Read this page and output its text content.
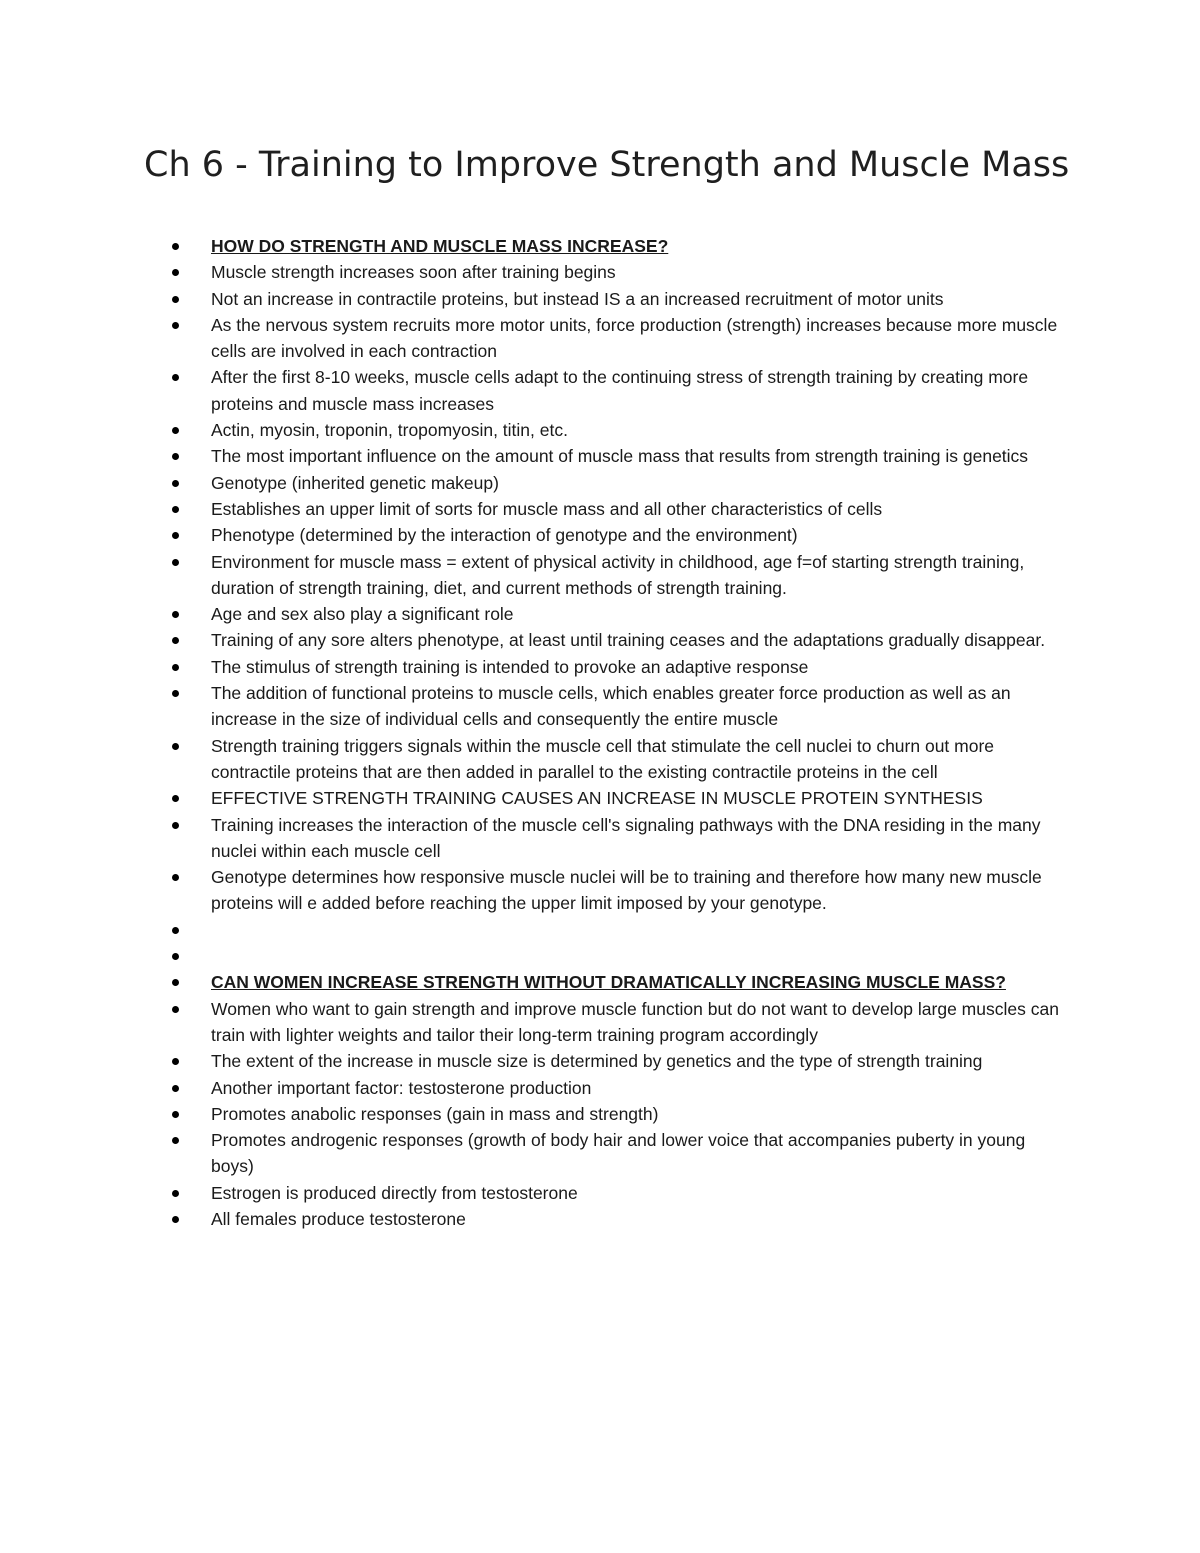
Ch 6 - Training to Improve Strength and Muscle Mass
HOW DO STRENGTH AND MUSCLE MASS INCREASE?
Muscle strength increases soon after training begins
Not an increase in contractile proteins, but instead IS a an increased recruitment of motor units
As the nervous system recruits more motor units, force production (strength) increases because more muscle cells are involved in each contraction
After the first 8-10 weeks, muscle cells adapt to the continuing stress of strength training by creating more proteins and muscle mass increases
Actin, myosin, troponin, tropomyosin, titin, etc.
The most important influence on the amount of muscle mass that results from strength training is genetics
Genotype (inherited genetic makeup)
Establishes an upper limit of sorts for muscle mass and all other characteristics of cells
Phenotype (determined by the interaction of genotype and the environment)
Environment for muscle mass = extent of physical activity in childhood, age f=of starting strength training, duration of strength training, diet, and current methods of strength training.
Age and sex also play a significant role
Training of any sore alters phenotype, at least until training ceases and the adaptations gradually disappear.
The stimulus of strength training is intended to provoke an adaptive response
The addition of functional proteins to muscle cells, which enables greater force production as well as an increase in the size of individual cells and consequently the entire muscle
Strength training triggers signals within the muscle cell that stimulate the cell nuclei to churn out more contractile proteins that are then added in parallel to the existing contractile proteins in the cell
EFFECTIVE STRENGTH TRAINING CAUSES AN INCREASE IN MUSCLE PROTEIN SYNTHESIS
Training increases the interaction of the muscle cell's signaling pathways with the DNA residing in the many nuclei within each muscle cell
Genotype determines how responsive muscle nuclei will be to training and therefore how many new muscle proteins will e added before reaching the upper limit imposed by your genotype.
CAN WOMEN INCREASE STRENGTH WITHOUT DRAMATICALLY INCREASING MUSCLE MASS?
Women who want to gain strength and improve muscle function but do not want to develop large muscles can train with lighter weights and tailor their long-term training program accordingly
The extent of the increase in muscle size is determined by genetics and the type of strength training
Another important factor: testosterone production
Promotes anabolic responses (gain in mass and strength)
Promotes androgenic responses (growth of body hair and lower voice that accompanies puberty in young boys)
Estrogen is produced directly from testosterone
All females produce testosterone
